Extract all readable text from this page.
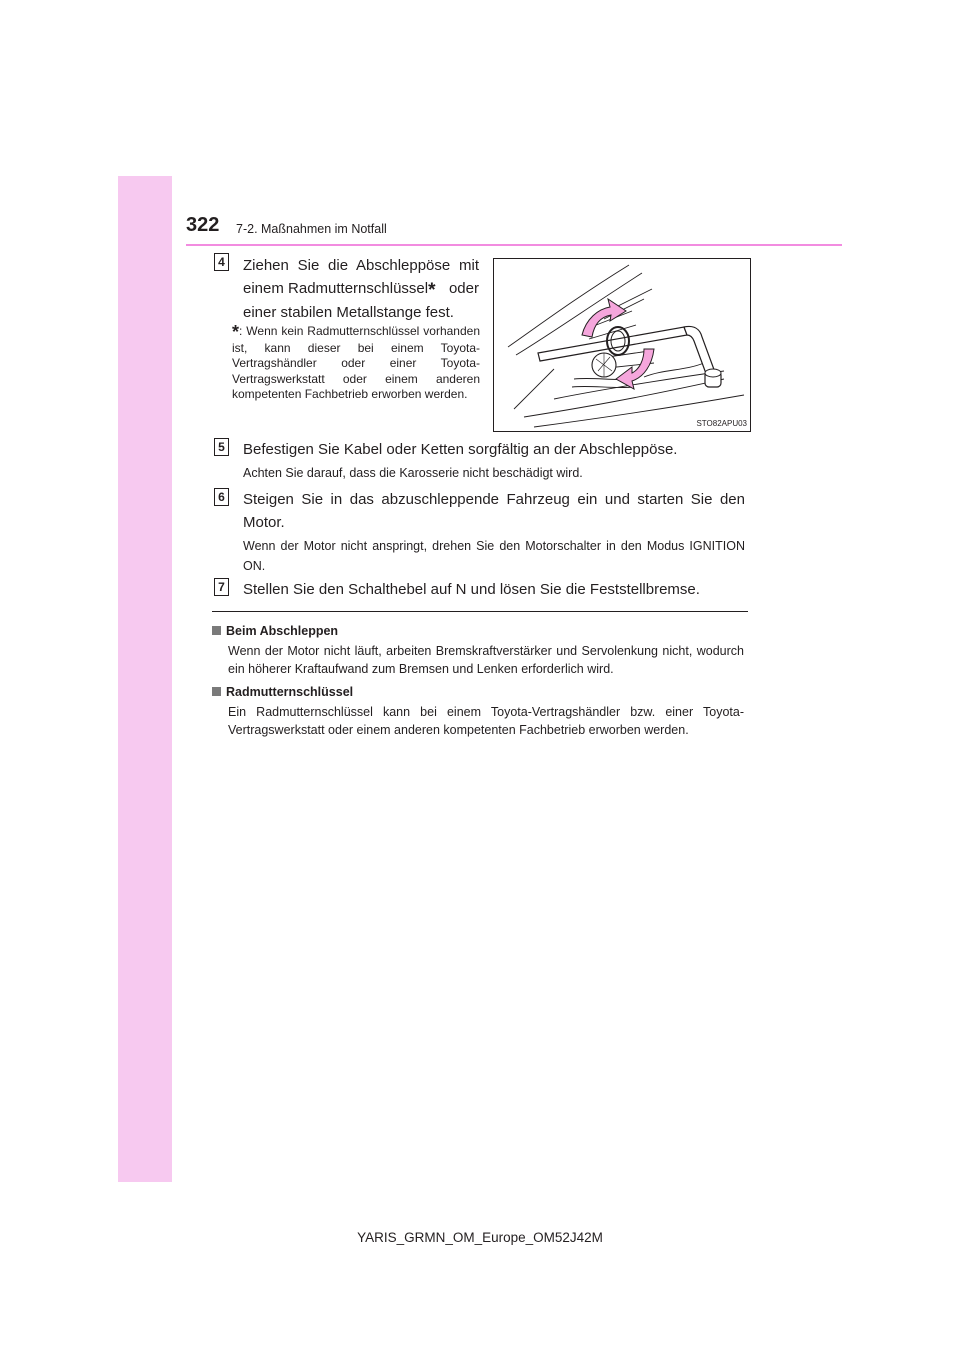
322 7-2. Maßnahmen im Notfall
4 Ziehen Sie die Abschleppöse mit
einem Radmutternschlüssel* oder
einer stabilen Metallstange fest.
*: Wenn kein Radmutternschlüssel vorhanden ist, kann dieser bei einem Toyota-Vertragshändler oder einer Toyota-Vertragswerkstatt oder einem anderen kompetenten Fachbetrieb erworben werden.
STO82APU03
5 Befestigen Sie Kabel oder Ketten sorgfältig an der Abschleppöse.
Achten Sie darauf, dass die Karosserie nicht beschädigt wird.
6 Steigen Sie in das abzuschleppende Fahrzeug ein und starten Sie den Motor.
Wenn der Motor nicht anspringt, drehen Sie den Motorschalter in den Modus IGNITION ON.
7 Stellen Sie den Schalthebel auf N und lösen Sie die Feststellbremse.
Beim Abschleppen
Wenn der Motor nicht läuft, arbeiten Bremskraftverstärker und Servolenkung nicht, wodurch ein höherer Kraftaufwand zum Bremsen und Lenken erforderlich wird.
Radmutternschlüssel
Ein Radmutternschlüssel kann bei einem Toyota-Vertragshändler bzw. einer Toyota-Vertragswerkstatt oder einem anderen kompetenten Fachbetrieb erworben werden.
YARIS_GRMN_OM_Europe_OM52J42M
